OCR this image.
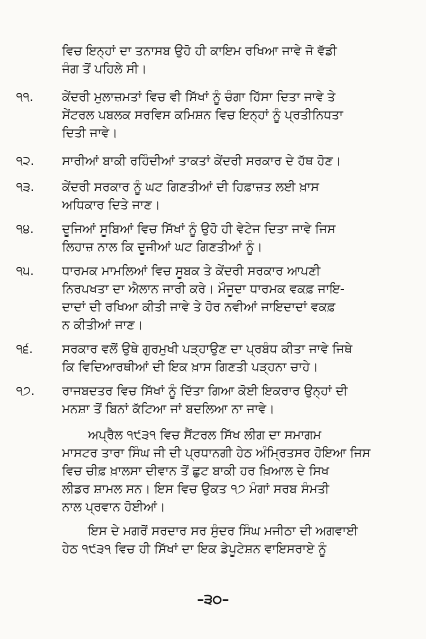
ਵਿਚ ਇਨ੍ਹਾਂ ਦਾ ਤਨਾਸਬ ਉਹੋ ਹੀ ਕਾਇਮ ਰਖਿਆ ਜਾਵੇ ਜੋ ਵੱਡੀ
ਜੰਗ ਤੋਂ ਪਹਿਲੇ ਸੀ।
੧੧. ਕੇਂਦਰੀ ਮੁਲਾਜ਼ਮਤਾਂ ਵਿਚ ਵੀ ਸਿੱਖਾਂ ਨੂੰ ਚੰਗਾ ਹਿੱਸਾ ਦਿਤਾ ਜਾਵੇ ਤੇ
ਸੇਂਟਰਲ ਪਬਲਕ ਸਰਵਿਸ ਕਮਿਸ਼ਨ ਵਿਚ ਇਨ੍ਹਾਂ ਨੂੰ ਪ੍ਰਤੀਨਿਧਤਾ
ਦਿਤੀ ਜਾਵੇ।
੧੨. ਸਾਰੀਆਂ ਬਾਕੀ ਰਹਿੰਦੀਆਂ ਤਾਕਤਾਂ ਕੇਂਦਰੀ ਸਰਕਾਰ ਦੇ ਹੱਥ ਹੋਣ।
੧੩. ਕੇਂਦਰੀ ਸਰਕਾਰ ਨੂੰ ਘਟ ਗਿਣਤੀਆਂ ਦੀ ਹਿਫ਼ਾਜ਼ਤ ਲਈ ਖ਼ਾਸ
ਅਧਿਕਾਰ ਦਿਤੇ ਜਾਣ।
੧੪. ਦੂਜਿਆਂ ਸੂਬਿਆਂ ਵਿਚ ਸਿੱਖਾਂ ਨੂੰ ਉਹੋ ਹੀ ਵੇਟੇਜ ਦਿਤਾ ਜਾਵੇ ਜਿਸ
ਲਿਹਾਜ਼ ਨਾਲ ਕਿ ਦੂਜੀਆਂ ਘਟ ਗਿਣਤੀਆਂ ਨੂੰ।
੧੫. ਧਾਰਮਕ ਮਾਮਲਿਆਂ ਵਿਚ ਸੂਬਕ ਤੇ ਕੇਂਦਰੀ ਸਰਕਾਰ ਆਪਣੀ
ਨਿਰਪਖਤਾ ਦਾ ਐਲਾਨ ਜਾਰੀ ਕਰੇ। ਮੌਜੂਦਾ ਧਾਰਮਕ ਵਕਫ਼ ਜਾਇ-
ਦਾਦਾਂ ਦੀ ਰਖਿਆ ਕੀਤੀ ਜਾਵੇ ਤੇ ਹੋਰ ਨਵੀਆਂ ਜਾਇਦਾਦਾਂ ਵਕਫ਼
ਨ ਕੀਤੀਆਂ ਜਾਣ।
੧੬. ਸਰਕਾਰ ਵਲੋਂ ਉਥੇ ਗੁਰਮੁਖੀ ਪੜ੍ਹਾਉਣ ਦਾ ਪ੍ਰਬੰਧ ਕੀਤਾ ਜਾਵੇ ਜਿਥੇ
ਕਿ ਵਿਦਿਆਰਥੀਆਂ ਦੀ ਇਕ ਖ਼ਾਸ ਗਿਣਤੀ ਪੜ੍ਹਨਾ ਚਾਹੇ।
੧੭. ਰਾਜਬਦਤਰ ਵਿਚ ਸਿੱਖਾਂ ਨੂੰ ਦਿੱਤਾ ਗਿਆ ਕੋਈ ਇਕਰਾਰ ਉਨ੍ਹਾਂ ਦੀ
ਮਨਸ਼ਾ ਤੋਂ ਬਿਨਾਂ ਕੱਟਿਆ ਜਾਂ ਬਦਲਿਆ ਨਾ ਜਾਵੇ।
ਅਪ੍ਰੈਲ ੧੯੩੧ ਵਿਚ ਸੈਂਟਰਲ ਸਿੱਖ ਲੀਗ ਦਾ ਸਮਾਗਮ
ਮਾਸਟਰ ਤਾਰਾ ਸਿੰਘ ਜੀ ਦੀ ਪ੍ਰਧਾਨਗੀ ਹੇਠ ਅੰਮ੍ਰਿਤਸਰ ਹੋਇਆ ਜਿਸ
ਵਿਚ ਚੀਫ਼ ਖ਼ਾਲਸਾ ਦੀਵਾਨ ਤੋਂ ਛੁਟ ਬਾਕੀ ਹਰ ਖ਼ਿਆਲ ਦੇ ਸਿਖ
ਲੀਡਰ ਸ਼ਾਮਲ ਸਨ। ਇਸ ਵਿਚ ਉਕਤ ੧੭ ਮੰਗਾਂ ਸਰਬ ਸੰਮਤੀ
ਨਾਲ ਪ੍ਰਵਾਨ ਹੋਈਆਂ।
ਇਸ ਦੇ ਮਗਰੋਂ ਸਰਦਾਰ ਸਰ ਸੁੰਦਰ ਸਿੰਘ ਮਜੀਠਾ ਦੀ ਅਗਵਾਈ
ਹੇਠ ੧੯੩੧ ਵਿਚ ਹੀ ਸਿੱਖਾਂ ਦਾ ਇਕ ਡੇਪੂਟੇਸ਼ਨ ਵਾਇਸਰਾਏ ਨੂੰ
–੩੦–
